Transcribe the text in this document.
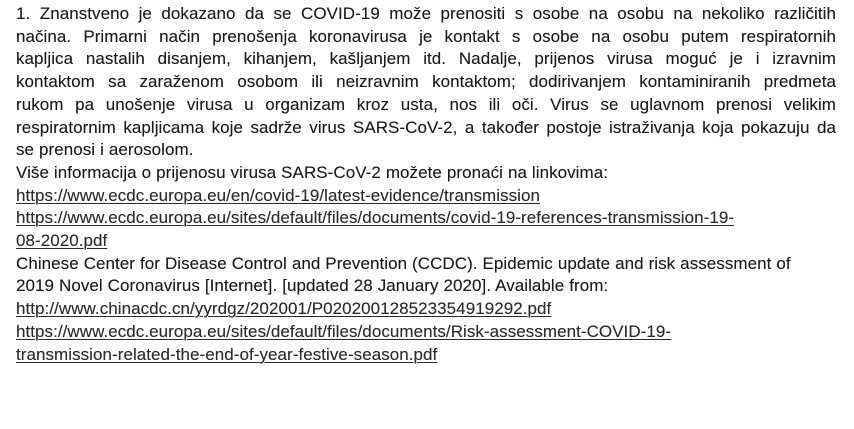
1. Znanstveno je dokazano da se COVID-19 može prenositi s osobe na osobu na nekoliko različitih
načina. Primarni način prenošenja koronavirusa je kontakt s osobe na osobu putem respiratornih
kapljica nastalih disanjem, kihanjem, kašljanjem itd. Nadalje, prijenos virusa moguć je i izravnim
kontaktom sa zaraženom osobom ili neizravnim kontaktom; dodirivanjem kontaminiranih predmeta
rukom pa unošenje virusa u organizam kroz usta, nos ili oči. Virus se uglavnom prenosi velikim
respiratornim kapljicama koje sadrže virus SARS-CoV-2, a također postoje istraživanja koja pokazuju da
se prenosi i aerosolom.
Više informacija o prijenosu virusa SARS-CoV-2 možete pronaći na linkovima:
https://www.ecdc.europa.eu/en/covid-19/latest-evidence/transmission
https://www.ecdc.europa.eu/sites/default/files/documents/covid-19-references-transmission-19-
08-2020.pdf
Chinese Center for Disease Control and Prevention (CCDC). Epidemic update and risk assessment of
2019 Novel Coronavirus [Internet]. [updated 28 January 2020]. Available from:
http://www.chinacdc.cn/yyrdgz/202001/P020200128523354919292.pdf
https://www.ecdc.europa.eu/sites/default/files/documents/Risk-assessment-COVID-19-
transmission-related-the-end-of-year-festive-season.pdf
